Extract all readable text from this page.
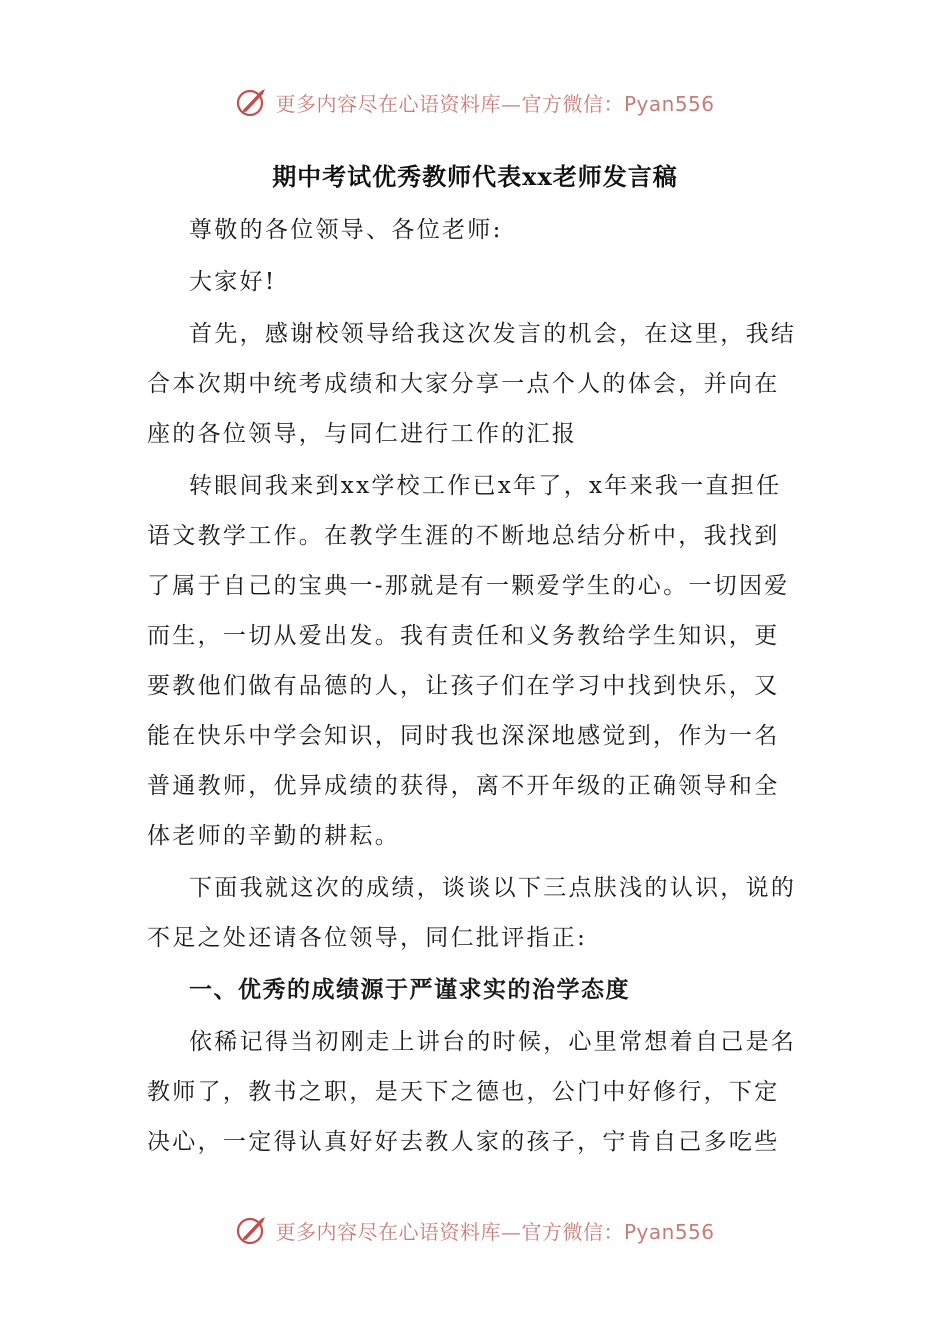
更多内容尽在心语资料库—官方微信：Pyan556
期中考试优秀教师代表xx老师发言稿
尊敬的各位领导、各位老师:
大家好!
首先，感谢校领导给我这次发言的机会，在这里，我结
合本次期中统考成绩和大家分享一点个人的体会，并向在
座的各位领导，与同仁进行工作的汇报
转眼间我来到xx学校工作已x年了，x年来我一直担任
语文教学工作。在教学生涯的不断地总结分析中，我找到
了属于自己的宝典一-那就是有一颗爱学生的心。一切因爱
而生，一切从爱出发。我有责任和义务教给学生知识，更
要教他们做有品德的人，让孩子们在学习中找到快乐，又
能在快乐中学会知识，同时我也深深地感觉到，作为一名
普通教师，优异成绩的获得，离不开年级的正确领导和全
体老师的辛勤的耕耘。
下面我就这次的成绩，谈谈以下三点肤浅的认识，说的
不足之处还请各位领导，同仁批评指正:
一、优秀的成绩源于严谨求实的治学态度
依稀记得当初刚走上讲台的时候，心里常想着自己是名
教师了，教书之职，是天下之德也，公门中好修行，下定
决心，一定得认真好好去教人家的孩子，宁肯自己多吃些
更多内容尽在心语资料库—官方微信：Pyan556
